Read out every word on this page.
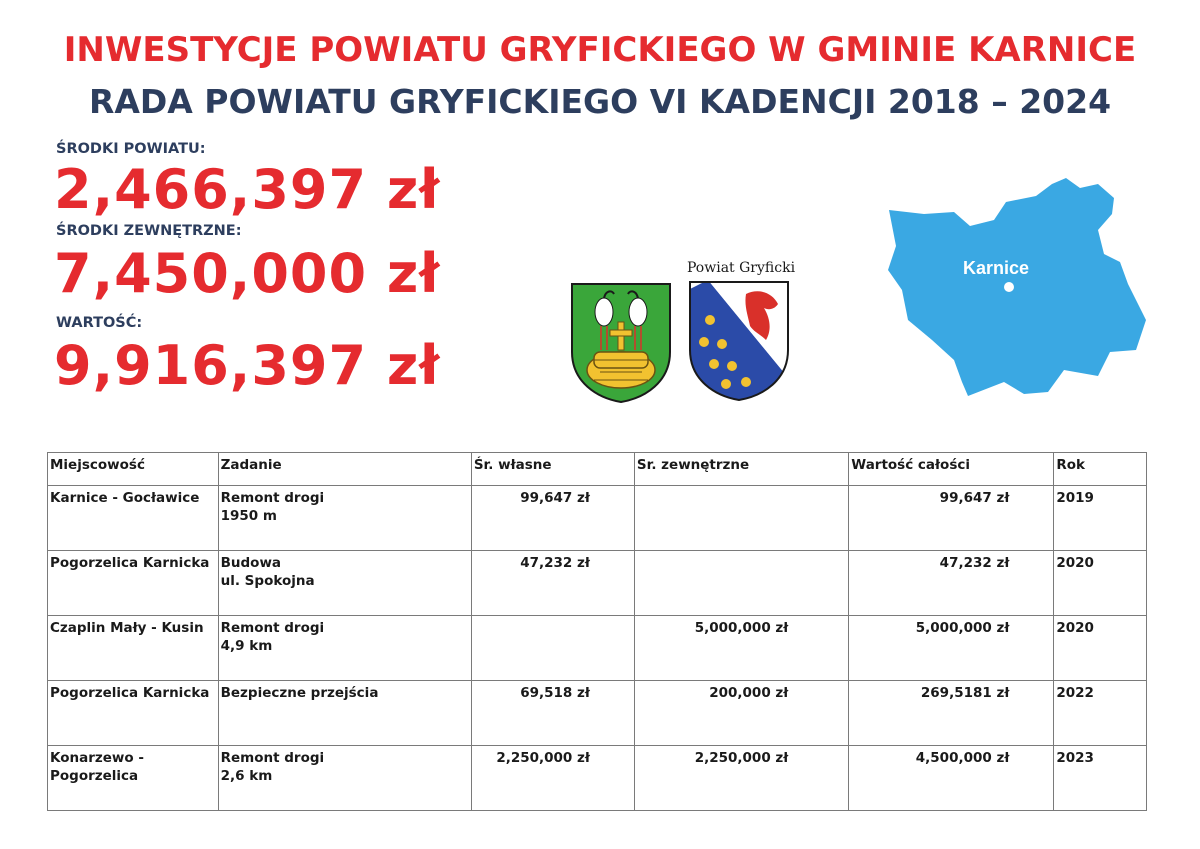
INWESTYCJE POWIATU GRYFICKIEGO W GMINIE KARNICE
RADA POWIATU GRYFICKIEGO VI KADENCJI 2018 – 2024
ŚRODKI POWIATU:
2,466,397 zł
ŚRODKI ZEWNĘTRZNE:
7,450,000 zł
WARTOŚĆ:
9,916,397 zł
Powiat Gryficki	Karnice
Miejscowość	Zadanie	Śr. własne	Sr. zewnętrzne	Wartość całości	Rok
Karnice - Gocławice	Remont drogi
1950 m	99,647 zł		99,647 zł	2019
Pogorzelica Karnicka	Budowa
ul. Spokojna	47,232 zł		47,232 zł	2020
Czaplin Mały - Kusin	Remont drogi
4,9 km		5,000,000 zł	5,000,000 zł	2020
Pogorzelica Karnicka	Bezpieczne przejścia	69,518 zł	200,000 zł	269,5181 zł	2022
Konarzewo - Pogorzelica	Remont drogi
2,6 km	2,250,000 zł	2,250,000 zł	4,500,000 zł	2023
